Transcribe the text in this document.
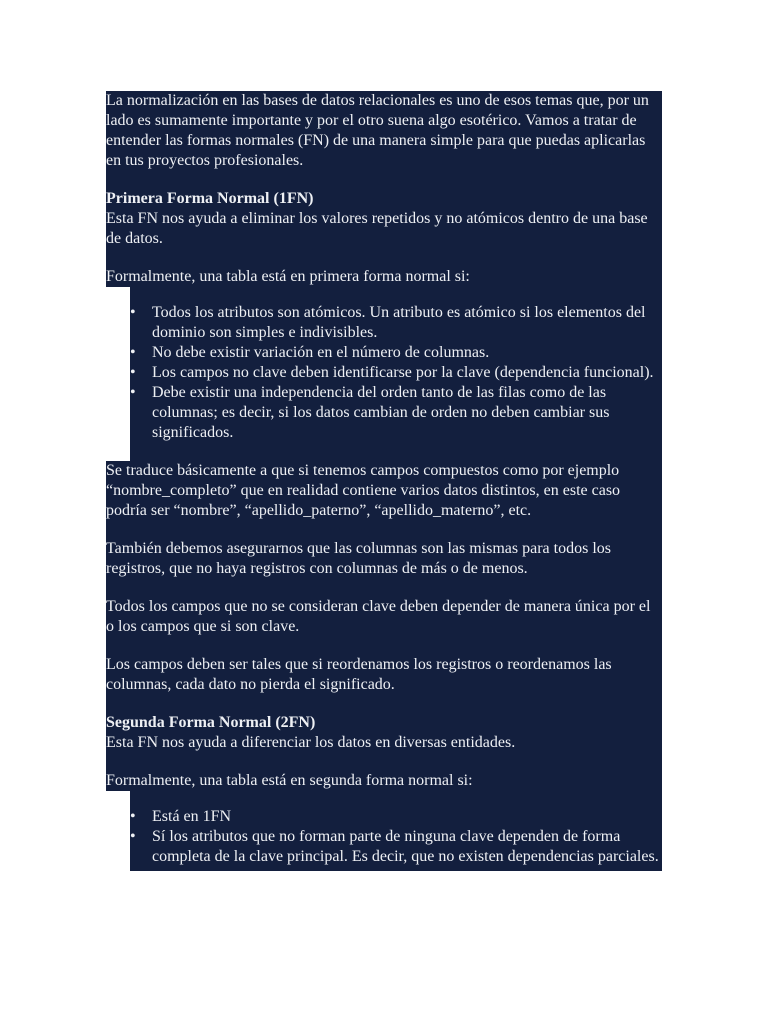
La normalización en las bases de datos relacionales es uno de esos temas que, por un lado es sumamente importante y por el otro suena algo esotérico. Vamos a tratar de entender las formas normales (FN) de una manera simple para que puedas aplicarlas en tus proyectos profesionales.

Primera Forma Normal (1FN)

Esta FN nos ayuda a eliminar los valores repetidos y no atómicos dentro de una base de datos.

Formalmente, una tabla está en primera forma normal si:
• Todos los atributos son atómicos. Un atributo es atómico si los elementos del dominio son simples e indivisibles.
• No debe existir variación en el número de columnas.
• Los campos no clave deben identificarse por la clave (dependencia funcional).
• Debe existir una independencia del orden tanto de las filas como de las columnas; es decir, si los datos cambian de orden no deben cambiar sus significados.

Se traduce básicamente a que si tenemos campos compuestos como por ejemplo “nombre_completo” que en realidad contiene varios datos distintos, en este caso podría ser “nombre”, “apellido_paterno”, “apellido_materno”, etc.

También debemos asegurarnos que las columnas son las mismas para todos los registros, que no haya registros con columnas de más o de menos.

Todos los campos que no se consideran clave deben depender de manera única por el o los campos que si son clave.

Los campos deben ser tales que si reordenamos los registros o reordenamos las columnas, cada dato no pierda el significado.

Segunda Forma Normal (2FN)

Esta FN nos ayuda a diferenciar los datos en diversas entidades.

Formalmente, una tabla está en segunda forma normal si:
• Está en 1FN
• Sí los atributos que no forman parte de ninguna clave dependen de forma completa de la clave principal. Es decir, que no existen dependencias parciales.
